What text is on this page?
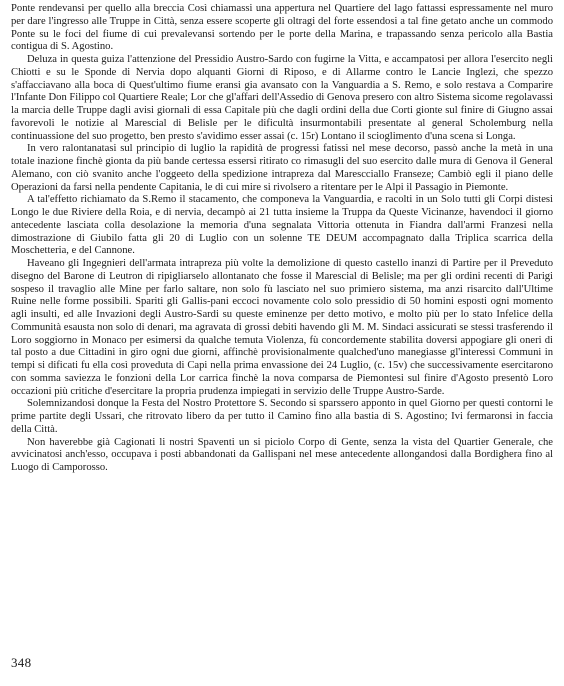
Ponte rendevansi per quello alla breccia Così chiamassi una appertura nel Quartiere del lago fattassi espressamente nel muro per dare l'ingresso alle Truppe in Città, senza essere scoperte gli oltragi del forte essendosi a tal fine getato anche un commodo Ponte su le foci del fiume di cui prevalevansi sortendo per le porte della Marina, e trapassando senza pericolo alla Bastia contigua di S. Agostino.

Deluza in questa guiza l'attenzione del Pressidio Austro-Sardo con fugirne la Vitta, e accampatosi per allora l'esercito negli Chiotti e su le Sponde di Nervia dopo alquanti Giorni di Riposo, e di Allarme contro le Lancie Inglezi, che spezzo s'affacciavano alla boca di Quest'ultimo fiume eransi gia avansato con la Vanguardia a S. Remo, e solo restava a Comparire l'Infante Don Filippo col Quartiere Reale; Lor che gl'affari dell'Assedio di Genova presero con altro Sistema sicome regolavassi la marcia delle Truppe dagli avisi giornali di essa Capitale più che dagli ordini della due Corti gionte sul finire di Giugno assai favorevoli le notizie al Marescial di Belisle per le dificultà insurmontabili presentate al general Scholemburg nella continuassione del suo progetto, ben presto s'avidimo esser assai (c. 15r) Lontano il scioglimento d'una scena si Longa.

In vero ralontanatasi sul principio di luglio la rapidità de progressi fatissi nel mese decorso, passò anche la metà in una totale inazione finchè gionta da più bande certessa essersi ritirato co rimasugli del suo esercito dalle mura di Genova il General Alemano, con ciò svanito anche l'oggeeto della spedizione intrapreza dal Marescciallo Franseze; Cambiò egli il piano delle Operazioni da farsi nella pendente Capitania, le di cui mire si rivolsero a ritentare per le Alpi il Passagio in Piemonte.

A tal'effetto richiamato da S.Remo il stacamento, che componeva la Vanguardia, e racolti in un Solo tutti gli Corpi distesi Longo le due Riviere della Roia, e di nervia, decampò ai 21 tutta insieme la Truppa da Queste Vicinanze, havendoci il giorno antecedente lasciata colla desolazione la memoria d'una segnalata Vittoria ottenuta in Fiandra dall'armi Franzesi nella dimostrazione di Giubilo fatta gli 20 di Luglio con un solenne TE DEUM accompagnato dalla Triplica scarrica della Moschetteria, e del Cannone.

Haveano gli Ingegnieri dell'armata intrapreza più volte la demolizione di questo castello inanzi di Partire per il Preveduto disegno del Barone di Leutron di ripigliarselo allontanato che fosse il Marescial di Belisle; ma per gli ordini recenti di Parigi sospeso il travaglio alle Mine per farlo saltare, non solo fù lasciato nel suo primiero sistema, ma anzi risarcito dall'Ultime Ruine nelle forme possibili. Spariti gli Gallis-pani eccoci novamente colo solo pressidio di 50 homini esposti ogni momento agli insulti, ed alle Invazioni degli Austro-Sardi su queste eminenze per detto motivo, e molto più per lo stato Infelice della Communità esausta non solo di denari, ma agravata di grossi debiti havendo gli M. M. Sindaci assicurati se stessi trasferendo il Loro soggiorno in Monaco per esimersi da qualche temuta Violenza, fù concordemente stabilita doversi appogiare gli oneri di tal posto a due Cittadini in giro ogni due giorni, affinchè provisionalmente qualched'uno manegiasse gl'interessi Communi in tempi si dificati fu ella così proveduta di Capi nella prima envassione dei 24 Luglio, (c. 15v) che successivamente esercitarono con somma saviezza le fonzioni della Lor carrica finchè la nova comparsa de Piemontesi sul finire d'Agosto presentò Loro occazioni più critiche d'esercitare la propria prudenza impiegati in servizio delle Truppe Austro-Sarde.

Solemnizandosi donque la Festa del Nostro Protettore S. Secondo si sparssero apponto in quel Giorno per questi contorni le prime partite degli Ussari, che ritrovato libero da per tutto il Camino fino alla bastia di S. Agostino; Ivi fermaronsi in faccia della Città.

Non haverebbe già Cagionati li nostri Spaventi un si piciolo Corpo di Gente, senza la vista del Quartier Generale, che avvicinatosi anch'esso, occupava i posti abbandonati da Gallispani nel mese antecedente allongandosi dalla Bordighera fino al Luogo di Camporosso.

348
